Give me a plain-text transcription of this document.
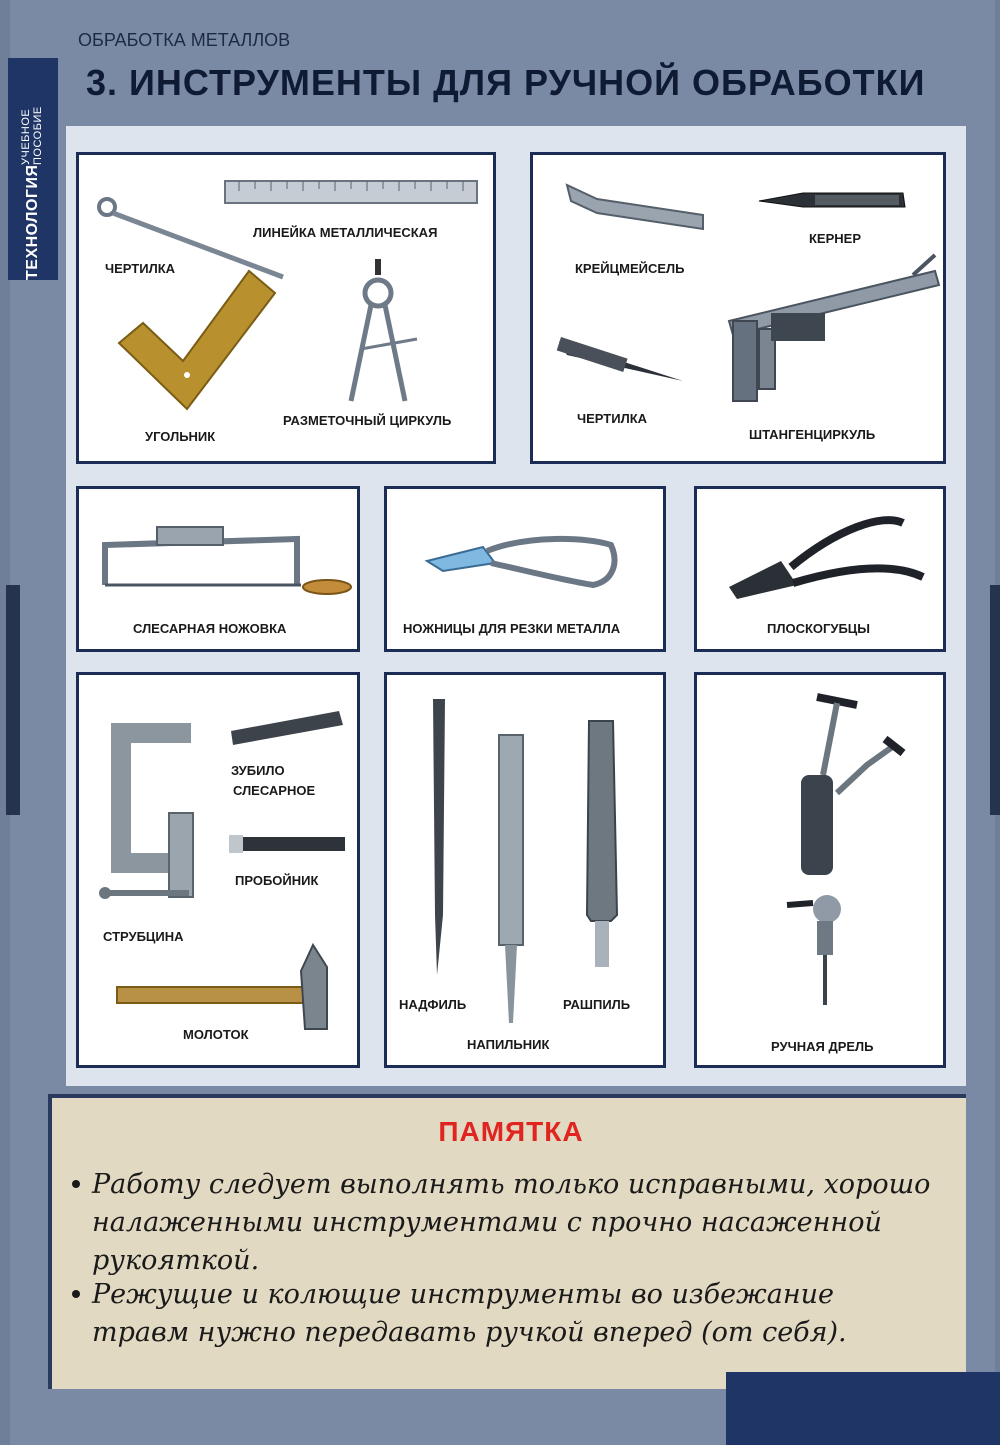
ТЕХНОЛОГИЯ
УЧЕБНОЕ ПОСОБИЕ
ОБРАБОТКА МЕТАЛЛОВ
3. ИНСТРУМЕНТЫ ДЛЯ РУЧНОЙ ОБРАБОТКИ
ЧЕРТИЛКА
ЛИНЕЙКА МЕТАЛЛИЧЕСКАЯ
УГОЛЬНИК
РАЗМЕТОЧНЫЙ ЦИРКУЛЬ
КРЕЙЦМЕЙСЕЛЬ
КЕРНЕР
ЧЕРТИЛКА
ШТАНГЕНЦИРКУЛЬ
СЛЕСАРНАЯ НОЖОВКА	НОЖНИЦЫ ДЛЯ РЕЗКИ МЕТАЛЛА	ПЛОСКОГУБЦЫ
ЗУБИЛО
СЛЕСАРНОЕ
ПРОБОЙНИК
СТРУБЦИНА
МОЛОТОК
НАДФИЛЬ	РАШПИЛЬ
НАПИЛЬНИК	РУЧНАЯ ДРЕЛЬ
ПАМЯТКА
Работу следует выполнять только исправными, хорошо налаженными инструментами с прочно насаженной рукояткой.
Режущие и колющие инструменты во избежание травм нужно передавать ручкой вперед (от себя).
